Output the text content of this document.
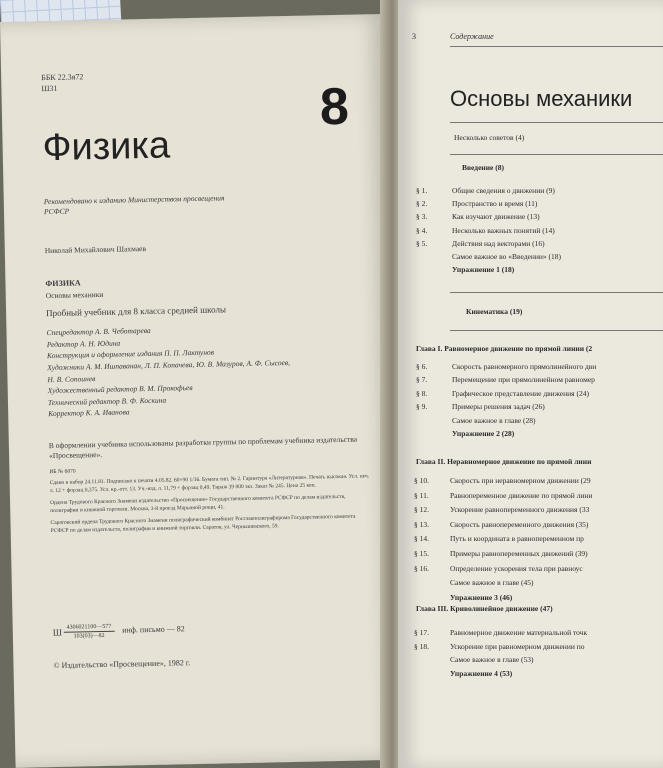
ББК 22.3я72
Ш31	8
Физика
Рекомендовано к изданию Министерством просвещения РСФСР
Николай Михайлович Шахмаев
ФИЗИКА
Основы механики
Пробный учебник для 8 класса средней школы
Спецредактор А. В. Чеботарева
Редактор А. Н. Юдина
Конструкция и оформление издания П. П. Лактунов
Художники А. М. Ишпаванан, Л. П. Копачева, Ю. В. Мазуров, А. Ф. Сысоев,
Н. В. Сопоинев
Художественный редактор В. М. Прокофьев
Технический редактор В. Ф. Коскина
Корректор К. А. Иванова
В оформлении учебника использованы разработки группы по проблемам учебника издательства «Просвещение».
ИБ № 6870
Сдано в набор 24.11.81. Подписано к печати 4.05.82. 60×90 1/16. Бумага тип. № 2. Гарнитура «Литературная». Печать высокая. Усл. печ. л. 12 + форзац 0,375. Усл. кр.-отт. 13. Уч.-изд. л. 11,79 + форзац 0,49. Тираж 39 000 экз. Заказ № 245. Цена 25 коп.
Ордена Трудового Красного Знамени издательство «Просвещение» Государственного комитета РСФСР по делам издательств, полиграфии и книжной торговли. Москва, 3-й проезд Марьиной рощи, 41.
Саратовский ордена Трудового Красного Знамени полиграфический комбинат Росглавполиграфпрома Государственного комитета РСФСР по делам издательств, полиграфии и книжной торговли. Саратов, ул. Чернышевского, 59.
Ш $\frac{4306021100—577}{103(03)—82}$ инф. письмо — 82
© Издательство «Просвещение», 1982 г.
3	Содержание
Основы механики
Несколько советов (4)
Введение (8)
§ 1.	Общие сведения о движении (9)
§ 2.	Пространство и время (11)
§ 3.	Как изучают движение (13)
§ 4.	Несколько важных понятий (14)
§ 5.	Действия над векторами (16)
Самое важное во «Введении» (18)
Упражнение 1 (18)
Кинематика (19)
Глава I. Равномерное движение по прямой линии (2
§ 6.	Скорость равномерного прямолинейного дви
§ 7.	Перемещение при прямолинейном равномер
§ 8.	Графическое представление движения (24)
§ 9.	Примеры решения задач (26)
Самое важное в главе (28)
Упражнение 2 (28)
Глава II. Неравномерное движение по прямой лини
§ 10.	Скорость при неравномерном движении (29
§ 11.	Равнопеременное движение по прямой лини
§ 12.	Ускорение равнопеременного движения (33
§ 13.	Скорость равнопеременного движения (35)
§ 14.	Путь и координата в равнопеременном пр
§ 15.	Примеры равнопеременных движений (39)
§ 16.	Определение ускорения тела при равноус
Самое важное в главе (45)
Упражнение 3 (46)
Глава III. Криволинейное движение (47)
§ 17.	Равномерное движение материальной точк
§ 18.	Ускорение при равномерном движении по
Самое важное в главе (53)
Упражнение 4 (53)
